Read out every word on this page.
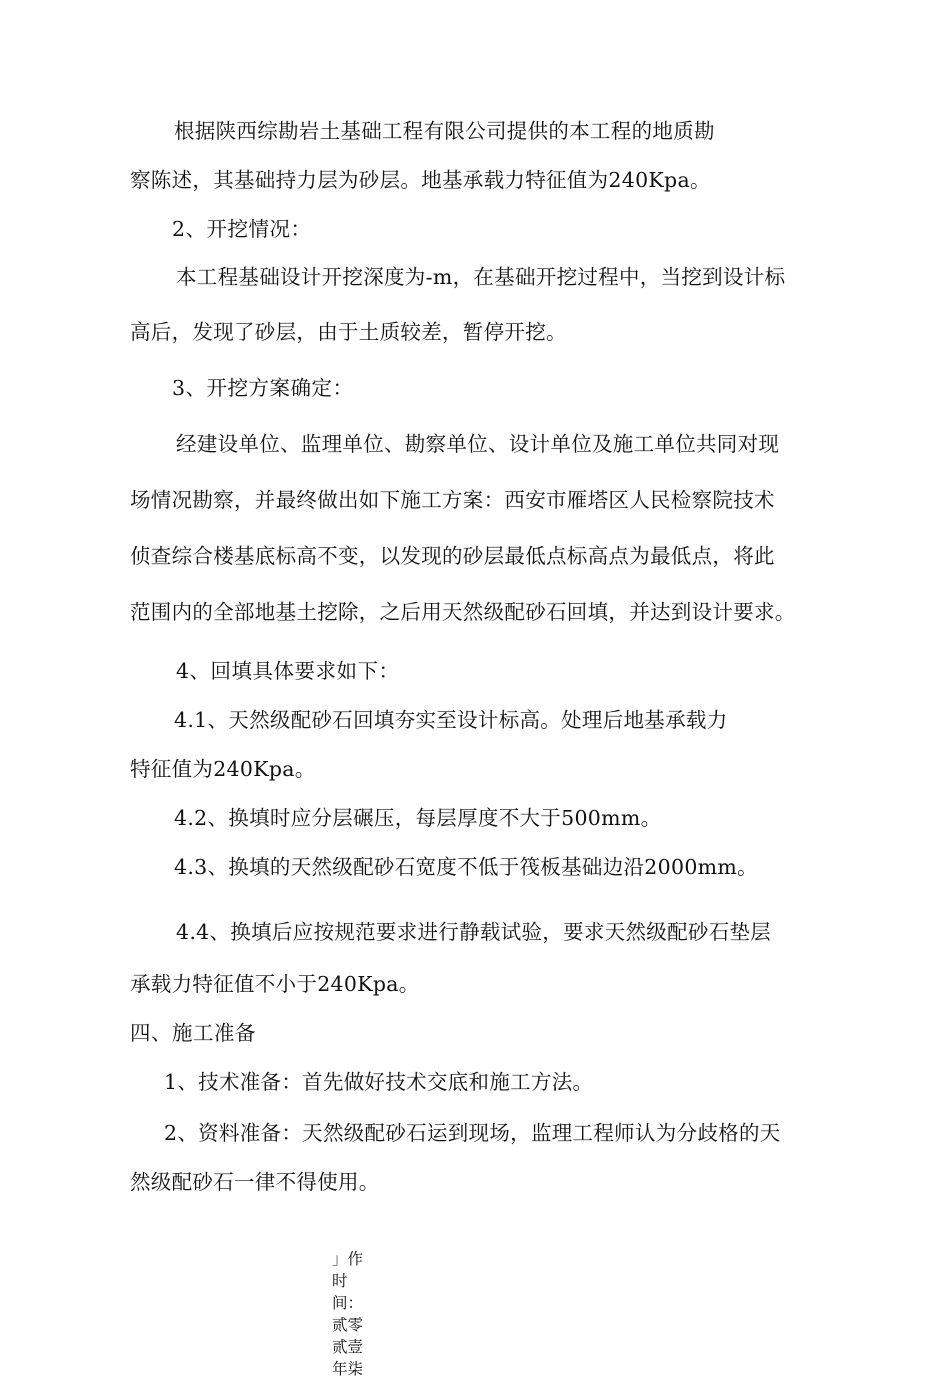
根据陕西综勘岩土基础工程有限公司提供的本工程的地质勘
察陈述，其基础持力层为砂层。地基承载力特征值为240Kpa。
2、开挖情况：
本工程基础设计开挖深度为-m，在基础开挖过程中，当挖到设计标
高后，发现了砂层，由于土质较差，暂停开挖。
3、开挖方案确定：
经建设单位、监理单位、勘察单位、设计单位及施工单位共同对现
场情况勘察，并最终做出如下施工方案：西安市雁塔区人民检察院技术
侦查综合楼基底标高不变，以发现的砂层最低点标高点为最低点，将此
范围内的全部地基土挖除，之后用天然级配砂石回填，并达到设计要求。
4、回填具体要求如下：
4.1、天然级配砂石回填夯实至设计标高。处理后地基承载力
特征值为240Kpa。
4.2、换填时应分层碾压，每层厚度不大于500mm。
4.3、换填的天然级配砂石宽度不低于筏板基础边沿2000mm。
4.4、换填后应按规范要求进行静载试验，要求天然级配砂石垫层
承载力特征值不小于240Kpa。
四、施工准备
1、技术准备：首先做好技术交底和施工方法。
2、资料准备：天然级配砂石运到现场，监理工程师认为分歧格的天
然级配砂石一律不得使用。
」作时间：贰零贰壹年柒
